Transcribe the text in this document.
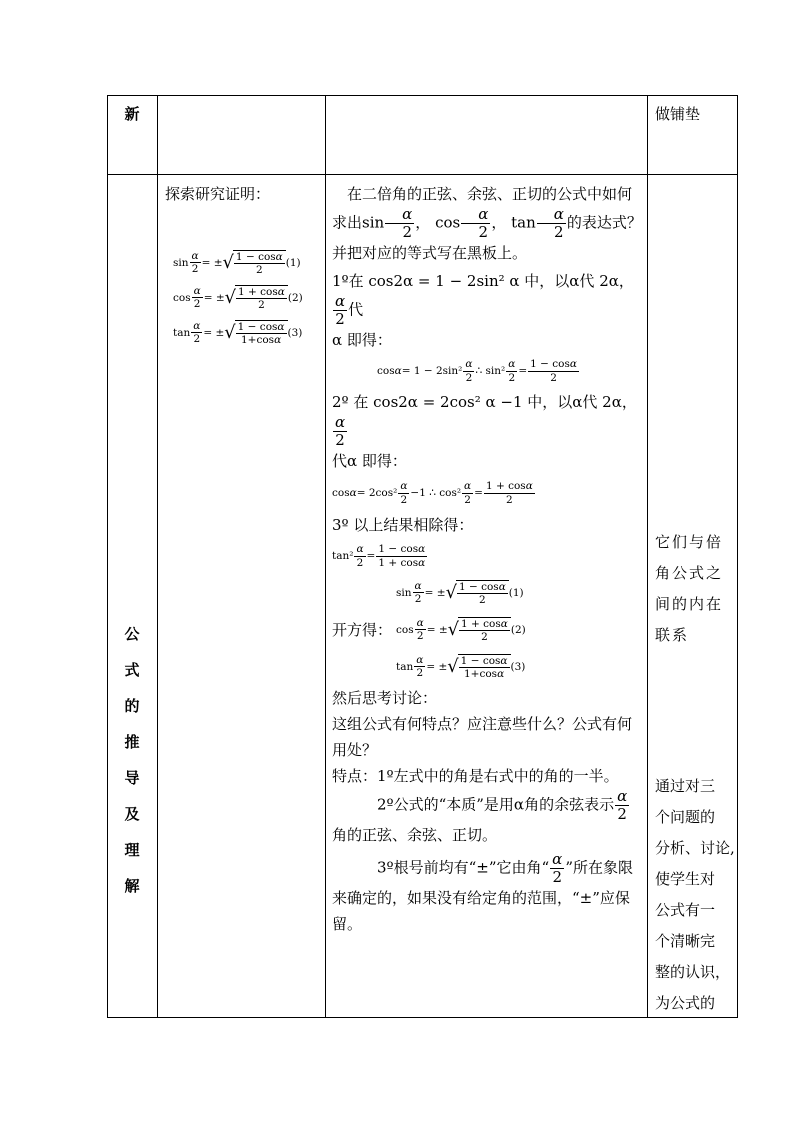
新	做铺垫
公
式
的
推
导
及
理
解
探索研究证明：
$\sin \frac{\alpha}{2}$ = ± √ $\frac{1 - \cos\alpha}{2} (1)$
$\cos \frac{\alpha}{2}$ = ± √ $\frac{1 + \cos\alpha}{2} (2)$
$\tan \frac{\alpha}{2}$ = ± √ $\frac{1 - \cos\alpha}{1+\cos\alpha} (3)$
在二倍角的正弦、余弦、正切的公式中如何求出$\sin \frac{\alpha}{2}$ ， $\cos \frac{\alpha}{2}$ ， $\tan \frac{\alpha}{2}$ 的表达式？并把对应的等式写在黑板上。
1º在 cos2α = 1 − 2sin² α 中，以α代 2α，
$\frac{\alpha}{2}$ 代
α 即得：
$\cos \alpha = 1 - 2\sin^2 \frac{\alpha}{2}$ ∴ $\sin^2 \frac{\alpha}{2} = \frac{1 - \cos\alpha}{2}$
2º 在 cos2α = 2cos² α −1 中，以α代 2α，
$\frac{\alpha}{2}$

代α 即得：
$\cos \alpha = 2\cos^2 \frac{\alpha}{2} -1$ ∴ $\cos^2 \frac{\alpha}{2} = \frac{1 + \cos\alpha}{2}$
3º 以上结果相除得：
$\tan^2 \frac{\alpha}{2} = \frac{1 - \cos\alpha}{1 + \cos\alpha}$
开方得：
$\sin \frac{\alpha}{2}$ = ± √ $\frac{1 - \cos\alpha}{2} (1)$
$\cos \frac{\alpha}{2}$ = ± √ $\frac{1 + \cos\alpha}{2} (2)$
$\tan \frac{\alpha}{2}$ = ± √ $\frac{1 - \cos\alpha}{1+\cos\alpha} (3)$
然后思考讨论：
这组公式有何特点？应注意些什么？公式有何用处？
特点：1º左式中的角是右式中的角的一半。
2º公式的“本质”是用α角的余弦表示 $\frac{\alpha}{2}$

角的正弦、余弦、正切。
3º根号前均有“±”它由角“ $\frac{\alpha}{2}$ ”所在象限来确定的，如果没有给定角的范围，“±”应保留。
它们与倍
角公式之
间的内在
联系
通过对三
个问题的
分析、讨论,
使学生对
公式有一
个清晰完
整的认识，
为公式的
